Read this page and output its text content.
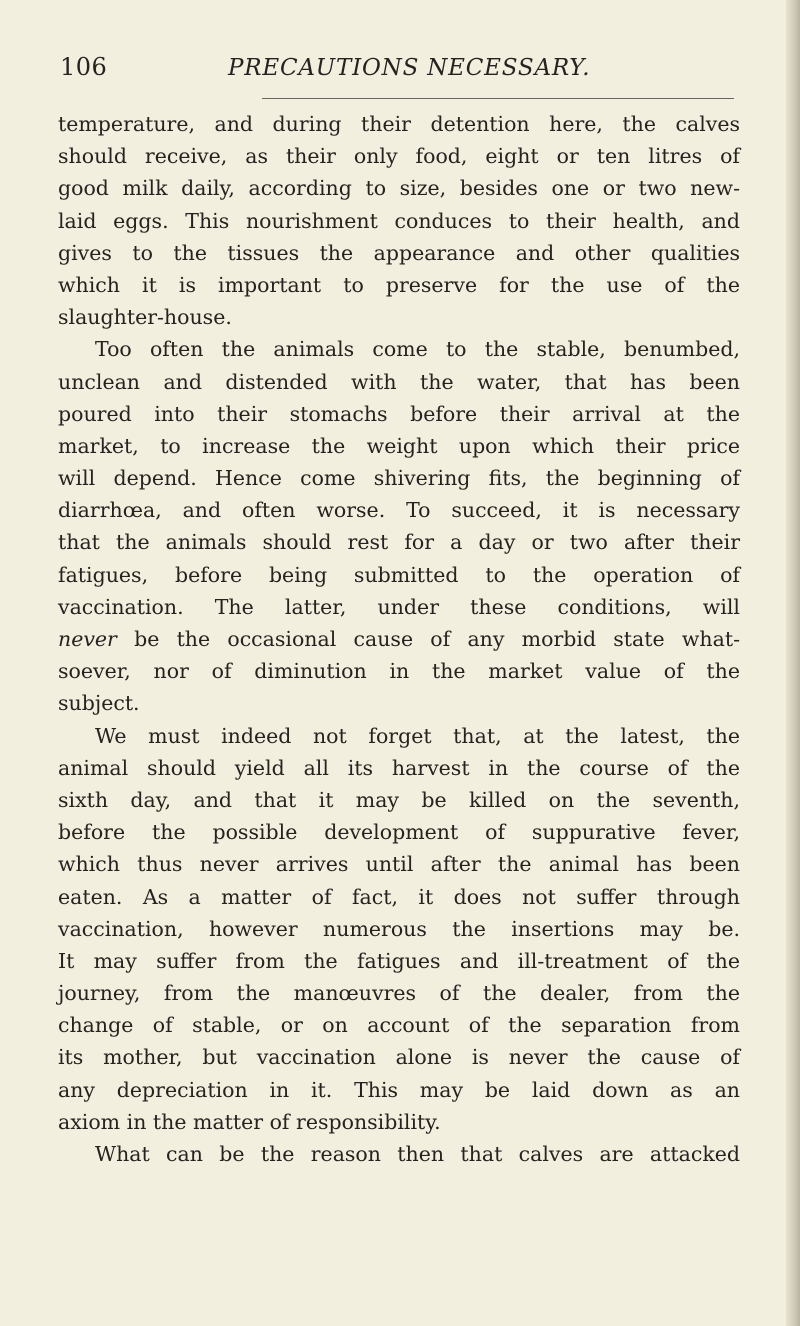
106	PRECAUTIONS NECESSARY.
temperature, and during their detention here, the calves
should receive, as their only food, eight or ten litres of
good milk daily, according to size, besides one or two new-
laid eggs. This nourishment conduces to their health, and
gives to the tissues the appearance and other qualities
which it is important to preserve for the use of the
slaughter-house.
Too often the animals come to the stable, benumbed,
unclean and distended with the water, that has been
poured into their stomachs before their arrival at the
market, to increase the weight upon which their price
will depend. Hence come shivering fits, the beginning of
diarrhœa, and often worse. To succeed, it is necessary
that the animals should rest for a day or two after their
fatigues, before being submitted to the operation of
vaccination. The latter, under these conditions, will
never be the occasional cause of any morbid state what-
soever, nor of diminution in the market value of the
subject.
We must indeed not forget that, at the latest, the
animal should yield all its harvest in the course of the
sixth day, and that it may be killed on the seventh,
before the possible development of suppurative fever,
which thus never arrives until after the animal has been
eaten. As a matter of fact, it does not suffer through
vaccination, however numerous the insertions may be.
It may suffer from the fatigues and ill-treatment of the
journey, from the manœuvres of the dealer, from the
change of stable, or on account of the separation from
its mother, but vaccination alone is never the cause of
any depreciation in it. This may be laid down as an
axiom in the matter of responsibility.
What can be the reason then that calves are attacked
